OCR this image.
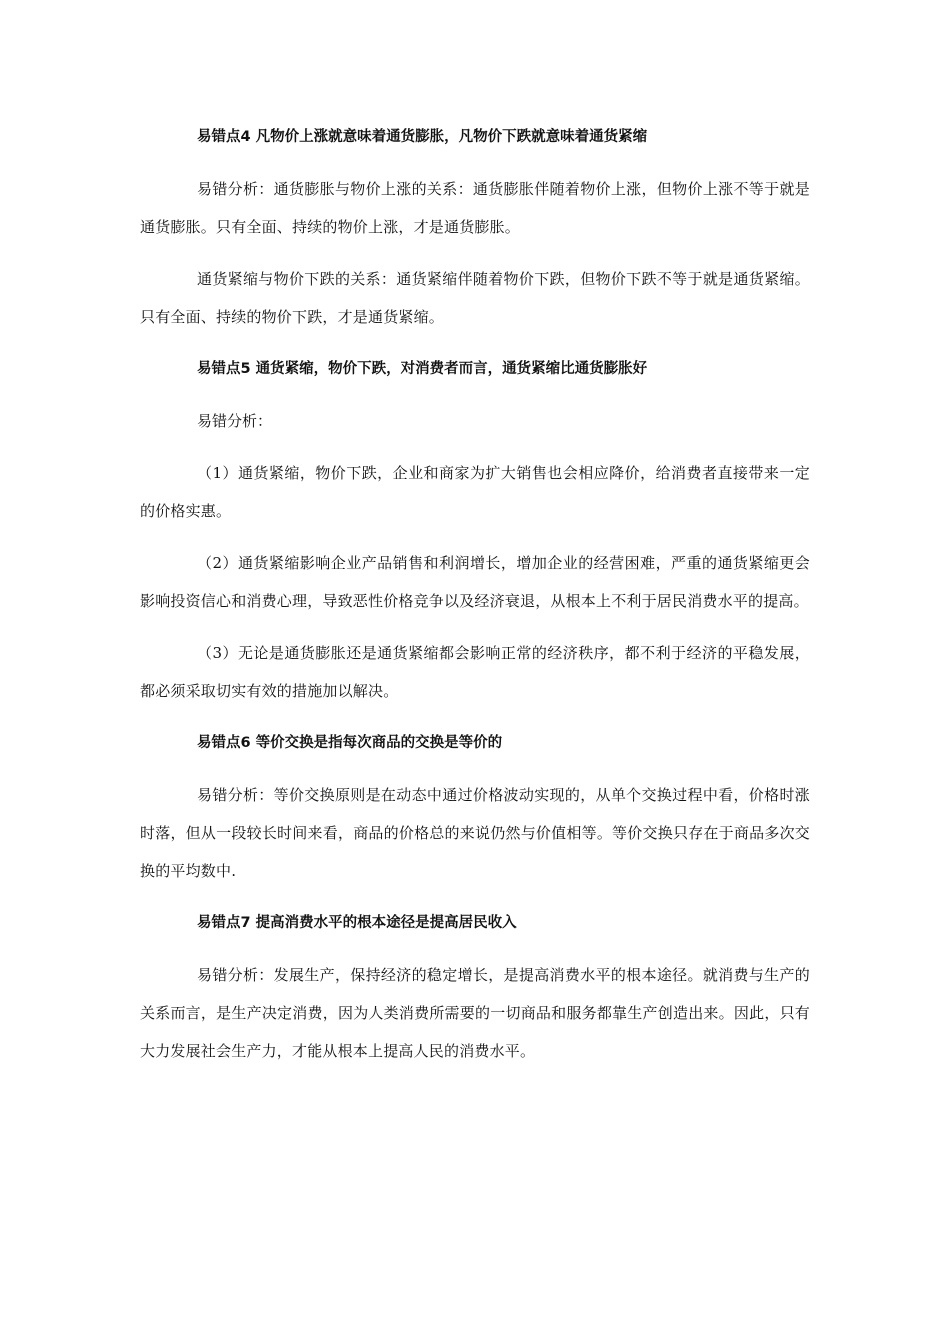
易错点4 凡物价上涨就意味着通货膨胀，凡物价下跌就意味着通货紧缩

易错分析：通货膨胀与物价上涨的关系：通货膨胀伴随着物价上涨，但物价上涨不等于就是通货膨胀。只有全面、持续的物价上涨，才是通货膨胀。

通货紧缩与物价下跌的关系：通货紧缩伴随着物价下跌，但物价下跌不等于就是通货紧缩。只有全面、持续的物价下跌，才是通货紧缩。

易错点5 通货紧缩，物价下跌，对消费者而言，通货紧缩比通货膨胀好

易错分析：

（1）通货紧缩，物价下跌，企业和商家为扩大销售也会相应降价，给消费者直接带来一定的价格实惠。

（2）通货紧缩影响企业产品销售和利润增长，增加企业的经营困难，严重的通货紧缩更会影响投资信心和消费心理，导致恶性价格竞争以及经济衰退，从根本上不利于居民消费水平的提高。

（3）无论是通货膨胀还是通货紧缩都会影响正常的经济秩序，都不利于经济的平稳发展，都必须采取切实有效的措施加以解决。

易错点6 等价交换是指每次商品的交换是等价的

易错分析：等价交换原则是在动态中通过价格波动实现的，从单个交换过程中看，价格时涨时落，但从一段较长时间来看，商品的价格总的来说仍然与价值相等。等价交换只存在于商品多次交换的平均数中.

易错点7 提高消费水平的根本途径是提高居民收入

易错分析：发展生产，保持经济的稳定增长，是提高消费水平的根本途径。就消费与生产的关系而言，是生产决定消费，因为人类消费所需要的一切商品和服务都靠生产创造出来。因此，只有大力发展社会生产力，才能从根本上提高人民的消费水平。
